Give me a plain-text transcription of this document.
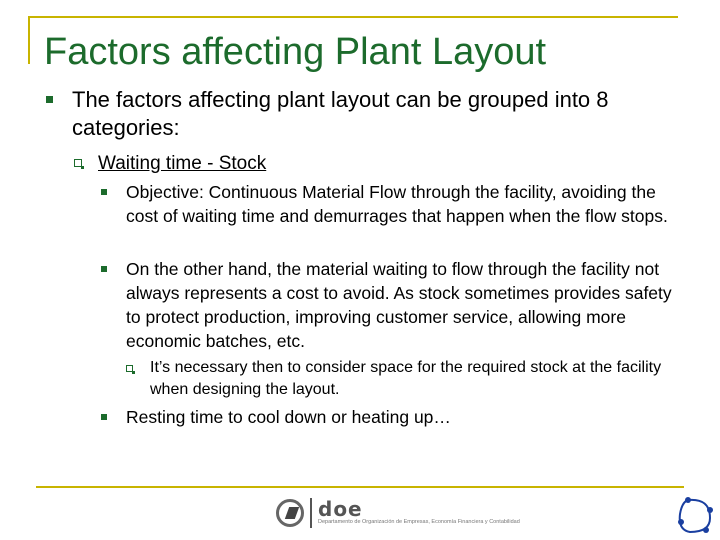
Factors affecting Plant Layout

The factors affecting plant layout can be grouped into 8 categories:

Waiting time - Stock

Objective: Continuous Material Flow through the facility, avoiding the cost of waiting time and demurrages that happen when the flow stops.

On the other hand, the material waiting to flow through the facility not always represents a cost to avoid. As stock sometimes provides safety to protect production, improving customer service, allowing more economic batches, etc.

It’s necessary then to consider space for the required stock at the facility when designing the layout.

Resting time to cool down or heating up…

doe
Departamento de Organización de Empresas, Economía Financiera y Contabilidad
